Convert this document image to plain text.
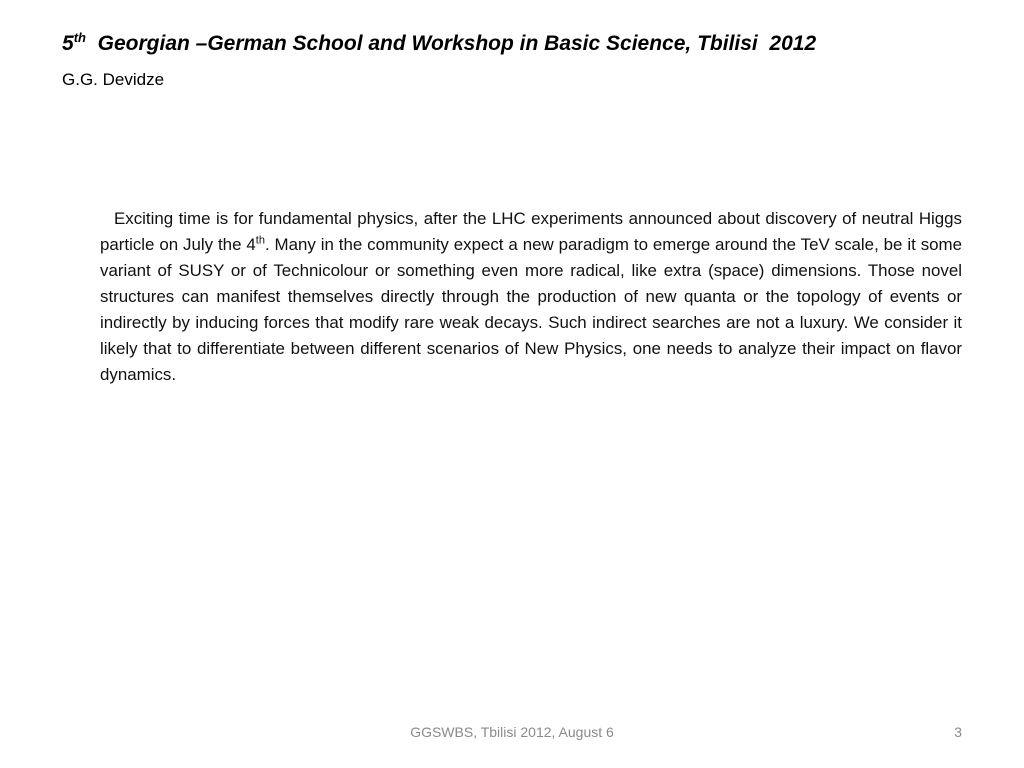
5th  Georgian –German School and Workshop in Basic Science, Tbilisi  2012

G.G. Devidze

Exciting time is for fundamental physics, after the LHC experiments announced about discovery of neutral Higgs particle on July the 4th. Many in the community expect a new paradigm to emerge around the TeV scale, be it some variant of SUSY or of Technicolour or something even more radical, like extra (space) dimensions. Those novel structures can manifest themselves directly through the production of new quanta or the topology of events or indirectly by inducing forces that modify rare weak decays. Such indirect searches are not a luxury. We consider it likely that to differentiate between different scenarios of New Physics, one needs to analyze their impact on flavor dynamics.

GGSWBS, Tbilisi 2012, August 6	3
